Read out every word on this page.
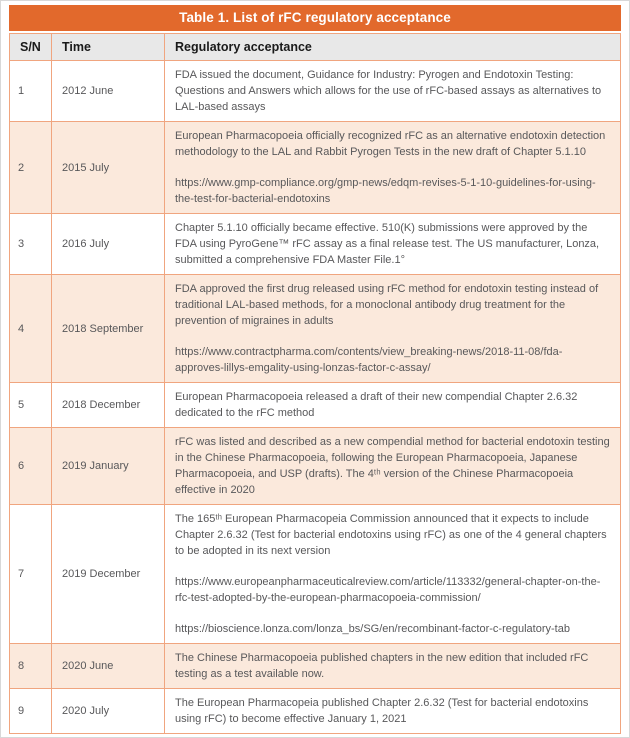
Table 1. List of rFC regulatory acceptance
S/N	Time	Regulatory acceptance
1	2012 June	FDA issued the document, Guidance for Industry: Pyrogen and Endotoxin Testing: Questions and Answers which allows for the use of rFC-based assays as alternatives to LAL-based assays

2	2015 July	European Pharmacopoeia officially recognized rFC as an alternative endotoxin detection methodology to the LAL and Rabbit Pyrogen Tests in the new draft of Chapter 5.1.10

https://www.gmp-compliance.org/gmp-news/edqm-revises-5-1-10-guidelines-for-using-the-test-for-bacterial-endotoxins

3	2016 July	Chapter 5.1.10 officially became effective. 510(K) submissions were approved by the FDA using PyroGene™ rFC assay as a final release test. The US manufacturer, Lonza, submitted a comprehensive FDA Master File.1°

4	2018 September	FDA approved the first drug released using rFC method for endotoxin testing instead of traditional LAL-based methods, for a monoclonal antibody drug treatment for the prevention of migraines in adults

https://www.contractpharma.com/contents/view_breaking-news/2018-11-08/fda-approves-lillys-emgality-using-lonzas-factor-c-assay/

5	2018 December	European Pharmacopoeia released a draft of their new compendial Chapter 2.6.32 dedicated to the rFC method

6	2019 January	rFC was listed and described as a new compendial method for bacterial endotoxin testing in the Chinese Pharmacopoeia, following the European Pharmacopoeia, Japanese Pharmacopoeia, and USP (drafts). The 4ᵗʰ version of the Chinese Pharmacopoeia effective in 2020

7	2019 December	The 165ᵗʰ European Pharmacopeia Commission announced that it expects to include Chapter 2.6.32 (Test for bacterial endotoxins using rFC) as one of the 4 general chapters to be adopted in its next version

https://www.europeanpharmaceuticalreview.com/article/113332/general-chapter-on-the-rfc-test-adopted-by-the-european-pharmacopoeia-commission/

https://bioscience.lonza.com/lonza_bs/SG/en/recombinant-factor-c-regulatory-tab

8	2020 June	The Chinese Pharmacopoeia published chapters in the new edition that included rFC testing as a test available now.

9	2020 July	The European Pharmacopeia published Chapter 2.6.32 (Test for bacterial endotoxins using rFC) to become effective January 1, 2021
